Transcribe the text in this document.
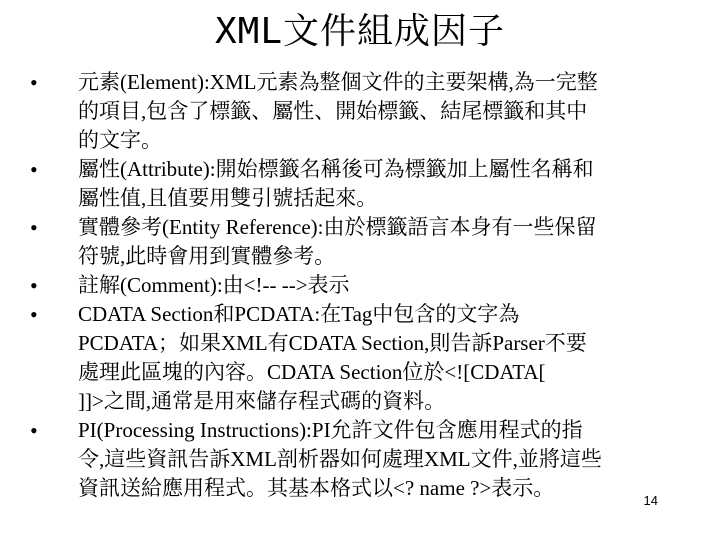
XML文件組成因子
• 元素(Element):XML元素為整個文件的主要架構,為一完整
的項目,包含了標籤、屬性、開始標籤、結尾標籤和其中
的文字。
• 屬性(Attribute):開始標籤名稱後可為標籤加上屬性名稱和
屬性值,且值要用雙引號括起來。
• 實體參考(Entity Reference):由於標籤語言本身有一些保留
符號,此時會用到實體參考。
• 註解(Comment):由<!-- -->表示
• CDATA Section和PCDATA:在Tag中包含的文字為
PCDATA；如果XML有CDATA Section,則告訴Parser不要
處理此區塊的內容。CDATA Section位於<![CDATA[
]]>之間,通常是用來儲存程式碼的資料。
• PI(Processing Instructions):PI允許文件包含應用程式的指
令,這些資訊告訴XML剖析器如何處理XML文件,並將這些
資訊送給應用程式。其基本格式以<? name ?>表示。
14
